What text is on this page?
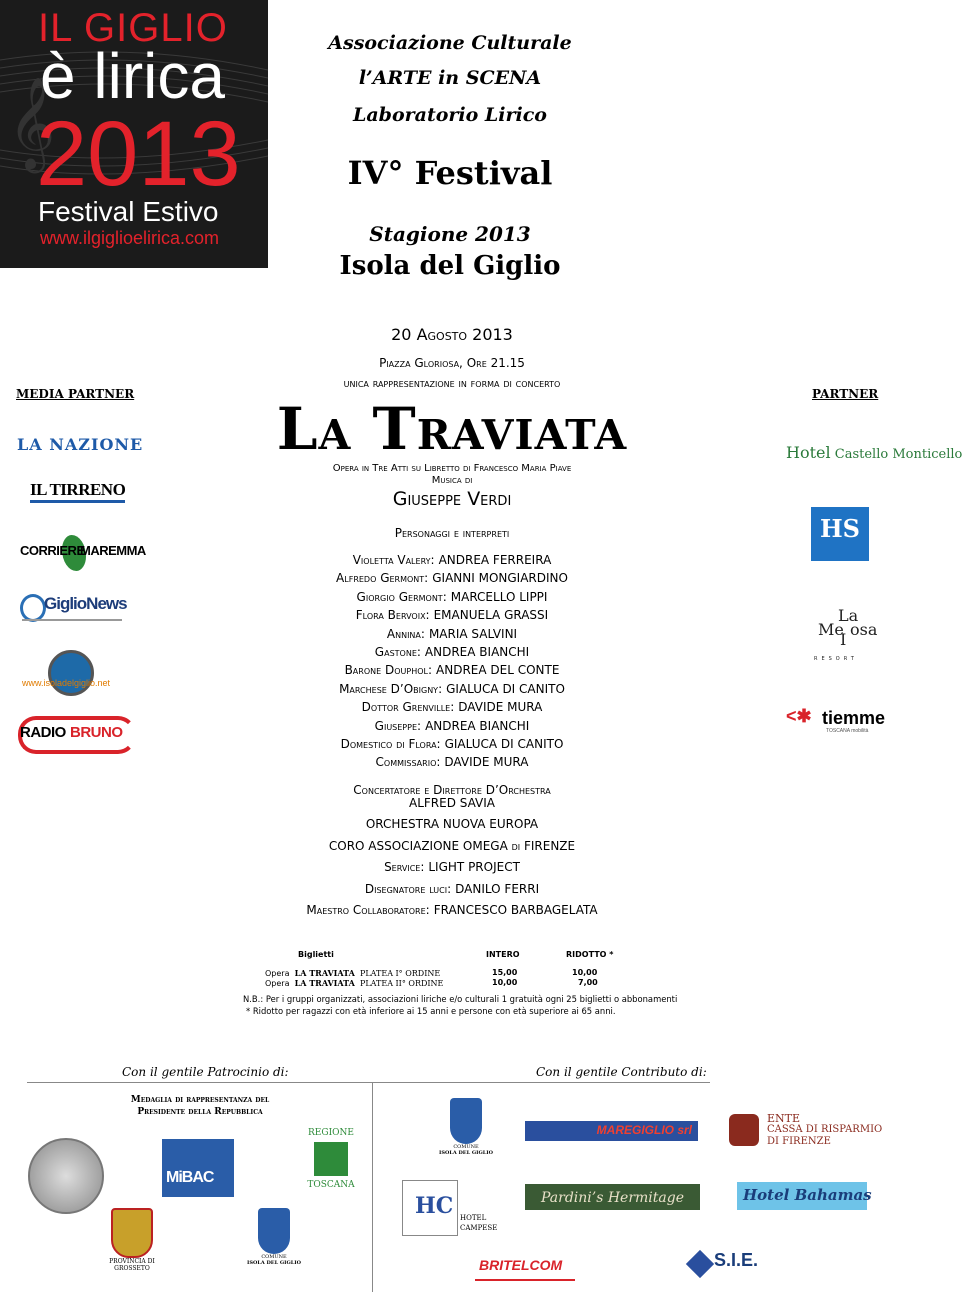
𝄞
IL GIGLIO
è lirica
2013
Festival Estivo
www.ilgiglioelirica.com
Associazione Culturale
l’ARTE in SCENA
Laboratorio Lirico
IV° Festival
Stagione 2013
Isola del Giglio
20 Agosto 2013
Piazza Gloriosa, Ore 21.15
unica rappresentazione in forma di concerto
La Traviata
Opera in Tre Atti su Libretto di Francesco Maria Piave
Musica di
Giuseppe Verdi
Personaggi e interpreti
Violetta Valery: ANDREA FERREIRA
Alfredo Germont: GIANNI MONGIARDINO
Giorgio Germont: MARCELLO LIPPI
Flora Bervoix: EMANUELA GRASSI
Annina: MARIA SALVINI
Gastone: ANDREA BIANCHI
Barone Douphol: ANDREA DEL CONTE
Marchese D’Obigny: GIALUCA DI CANITO
Dottor Grenville: DAVIDE MURA
Giuseppe: ANDREA BIANCHI
Domestico di Flora: GIALUCA DI CANITO
Commissario: DAVIDE MURA
Concertatore e Direttore D’Orchestra
ALFRED SAVIA
ORCHESTRA NUOVA EUROPA
CORO ASSOCIAZIONE OMEGA di FIRENZE
Service: LIGHT PROJECT
Disegnatore luci: DANILO FERRI
Maestro Collaboratore: FRANCESCO BARBAGELATA
Biglietti	INTERO	RIDOTTO *
Opera LA TRAVIATA PLATEA I° ORDINE	15,00	10,00
Opera LA TRAVIATA PLATEA II° ORDINE	10,00	7,00
N.B.: Per i gruppi organizzati, associazioni liriche e/o culturali 1 gratuità ogni 25 biglietti o abbonamenti
* Ridotto per ragazzi con età inferiore ai 15 anni e persone con età superiore ai 65 anni.
MEDIA PARTNER
LA NAZIONE
IL TIRRENO
CORRIERE
MAREMMA
GiglioNews
www.isoladelgiglio.net
RADIO BRUNO
PARTNER
Hotel Castello Monticello
HS
La
Me
I
osa
RESORT
<✱ tiemme
TOSCANA mobilità
Con il gentile Patrocinio di:	Con il gentile Contributo di:
Medaglia di rappresentanza del
Presidente della Repubblica
MiBAC
REGIONE
TOSCANA
PROVINCIA DI
GROSSETO
COMUNE
ISOLA DEL GIGLIO
COMUNE
ISOLA DEL GIGLIO
MAREGIGLIO srl
ENTE
CASSA DI RISPARMIO
DI FIRENZE
HC HOTEL
CAMPESE
Pardini’s Hermitage	Hotel Bahamas
BRITELCOM	S.I.E.
